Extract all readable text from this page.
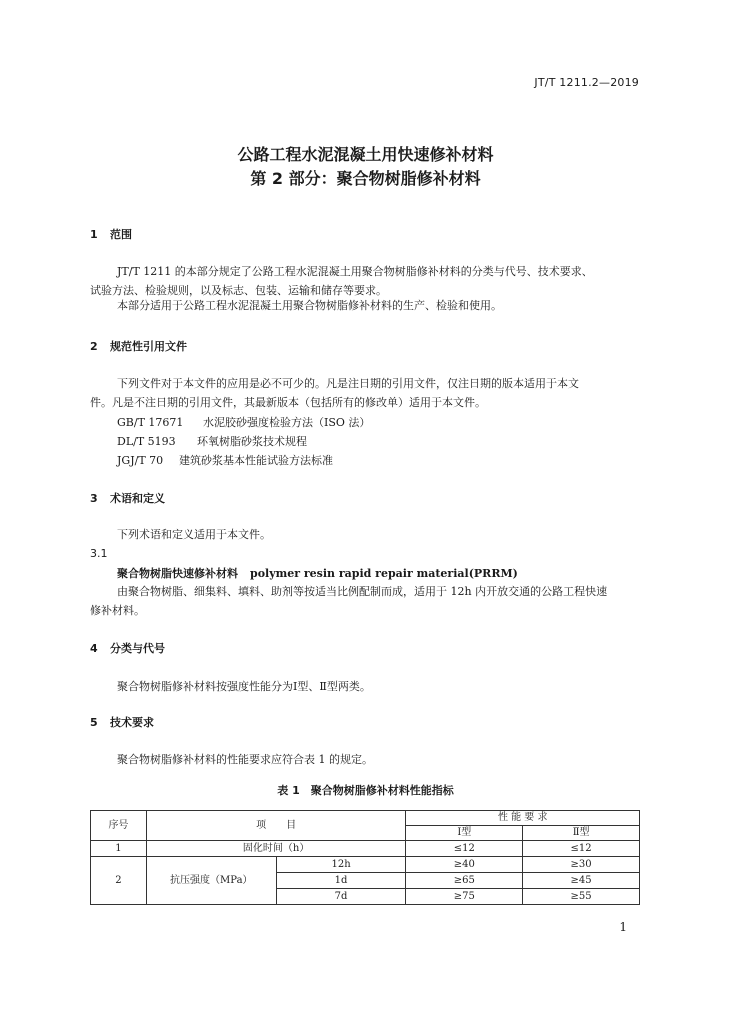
JT/T 1211.2—2019
公路工程水泥混凝土用快速修补材料
第 2 部分：聚合物树脂修补材料
1 范围

JT/T 1211 的本部分规定了公路工程水泥混凝土用聚合物树脂修补材料的分类与代号、技术要求、
试验方法、检验规则，以及标志、包装、运输和储存等要求。

本部分适用于公路工程水泥混凝土用聚合物树脂修补材料的生产、检验和使用。

2 规范性引用文件

下列文件对于本文件的应用是必不可少的。凡是注日期的引用文件，仅注日期的版本适用于本文
件。凡是不注日期的引用文件，其最新版本（包括所有的修改单）适用于本文件。

GB/T 17671 水泥胶砂强度检验方法（ISO 法）
DL/T 5193 环氧树脂砂浆技术规程
JGJ/T 70 建筑砂浆基本性能试验方法标准
3 术语和定义

下列术语和定义适用于本文件。

3.1
聚合物树脂快速修补材料 polymer resin rapid repair material(PRRM)

由聚合物树脂、细集料、填料、助剂等按适当比例配制而成，适用于 12h 内开放交通的公路工程快速
修补材料。

4 分类与代号

聚合物树脂修补材料按强度性能分为Ⅰ型、Ⅱ型两类。

5 技术要求

聚合物树脂修补材料的性能要求应符合表 1 的规定。

表 1　聚合物树脂修补材料性能指标
序号	项　　目		性 能 要 求	
			Ⅰ型	Ⅱ型
1	固化时间（h）		≤12	≤12
2	抗压强度（MPa）	12h	≥40	≥30
		1d	≥65	≥45
		7d	≥75	≥55
1
